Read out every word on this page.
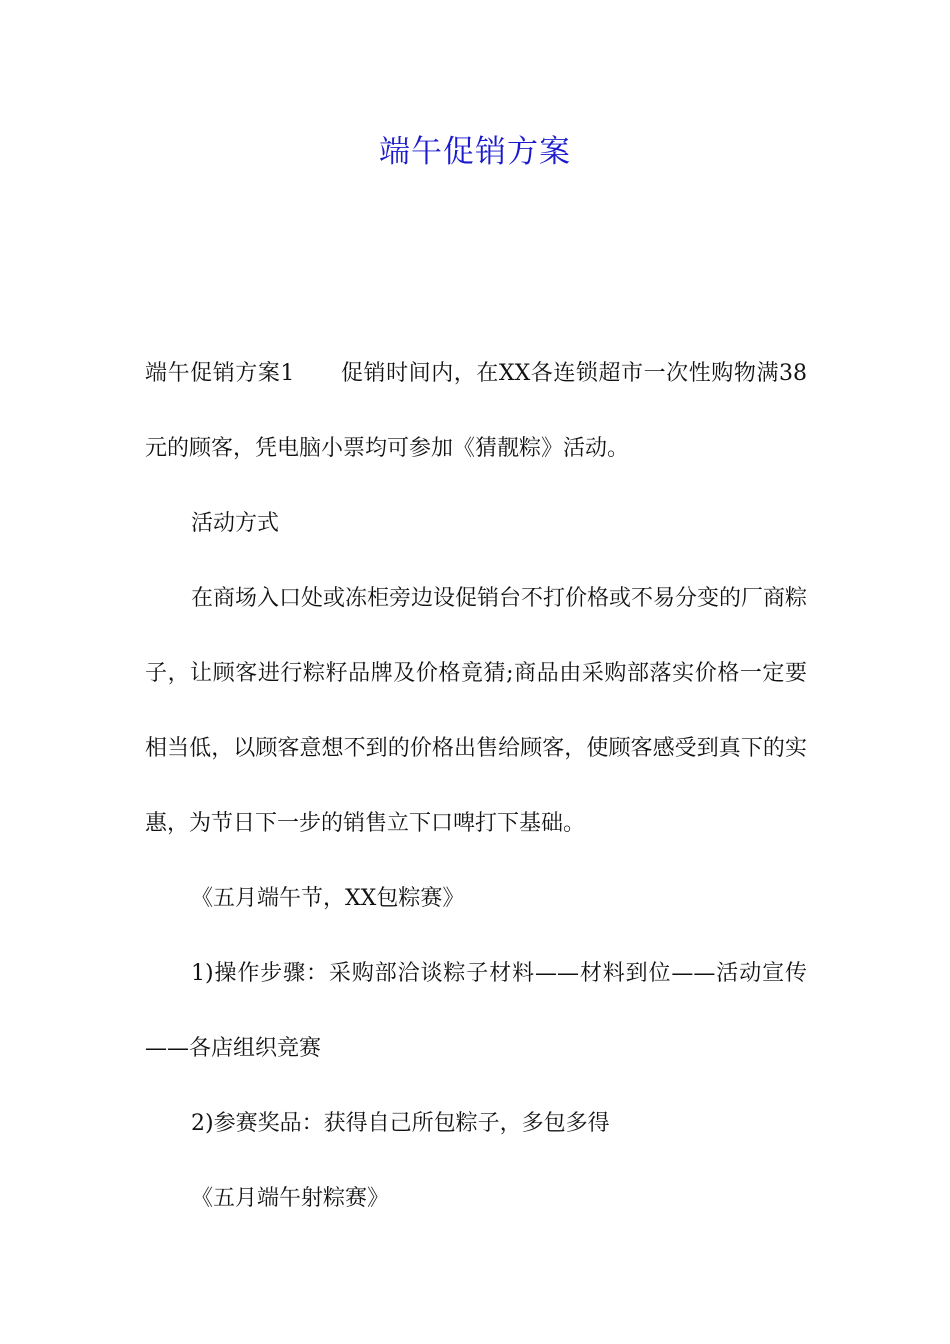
端午促销方案

端午促销方案1 促销时间内，在XX各连锁超市一次性购物满38元的顾客，凭电脑小票均可参加《猜靓粽》活动。

活动方式

在商场入口处或冻柜旁边设促销台不打价格或不易分变的厂商粽子，让顾客进行粽籽品牌及价格竟猜;商品由采购部落实价格一定要相当低，以顾客意想不到的价格出售给顾客，使顾客感受到真下的实惠，为节日下一步的销售立下口啤打下基础。

《五月端午节，XX包粽赛》

1)操作步骤：采购部洽谈粽子材料——材料到位——活动宣传——各店组织竞赛

2)参赛奖品：获得自己所包粽子，多包多得

《五月端午射粽赛》
